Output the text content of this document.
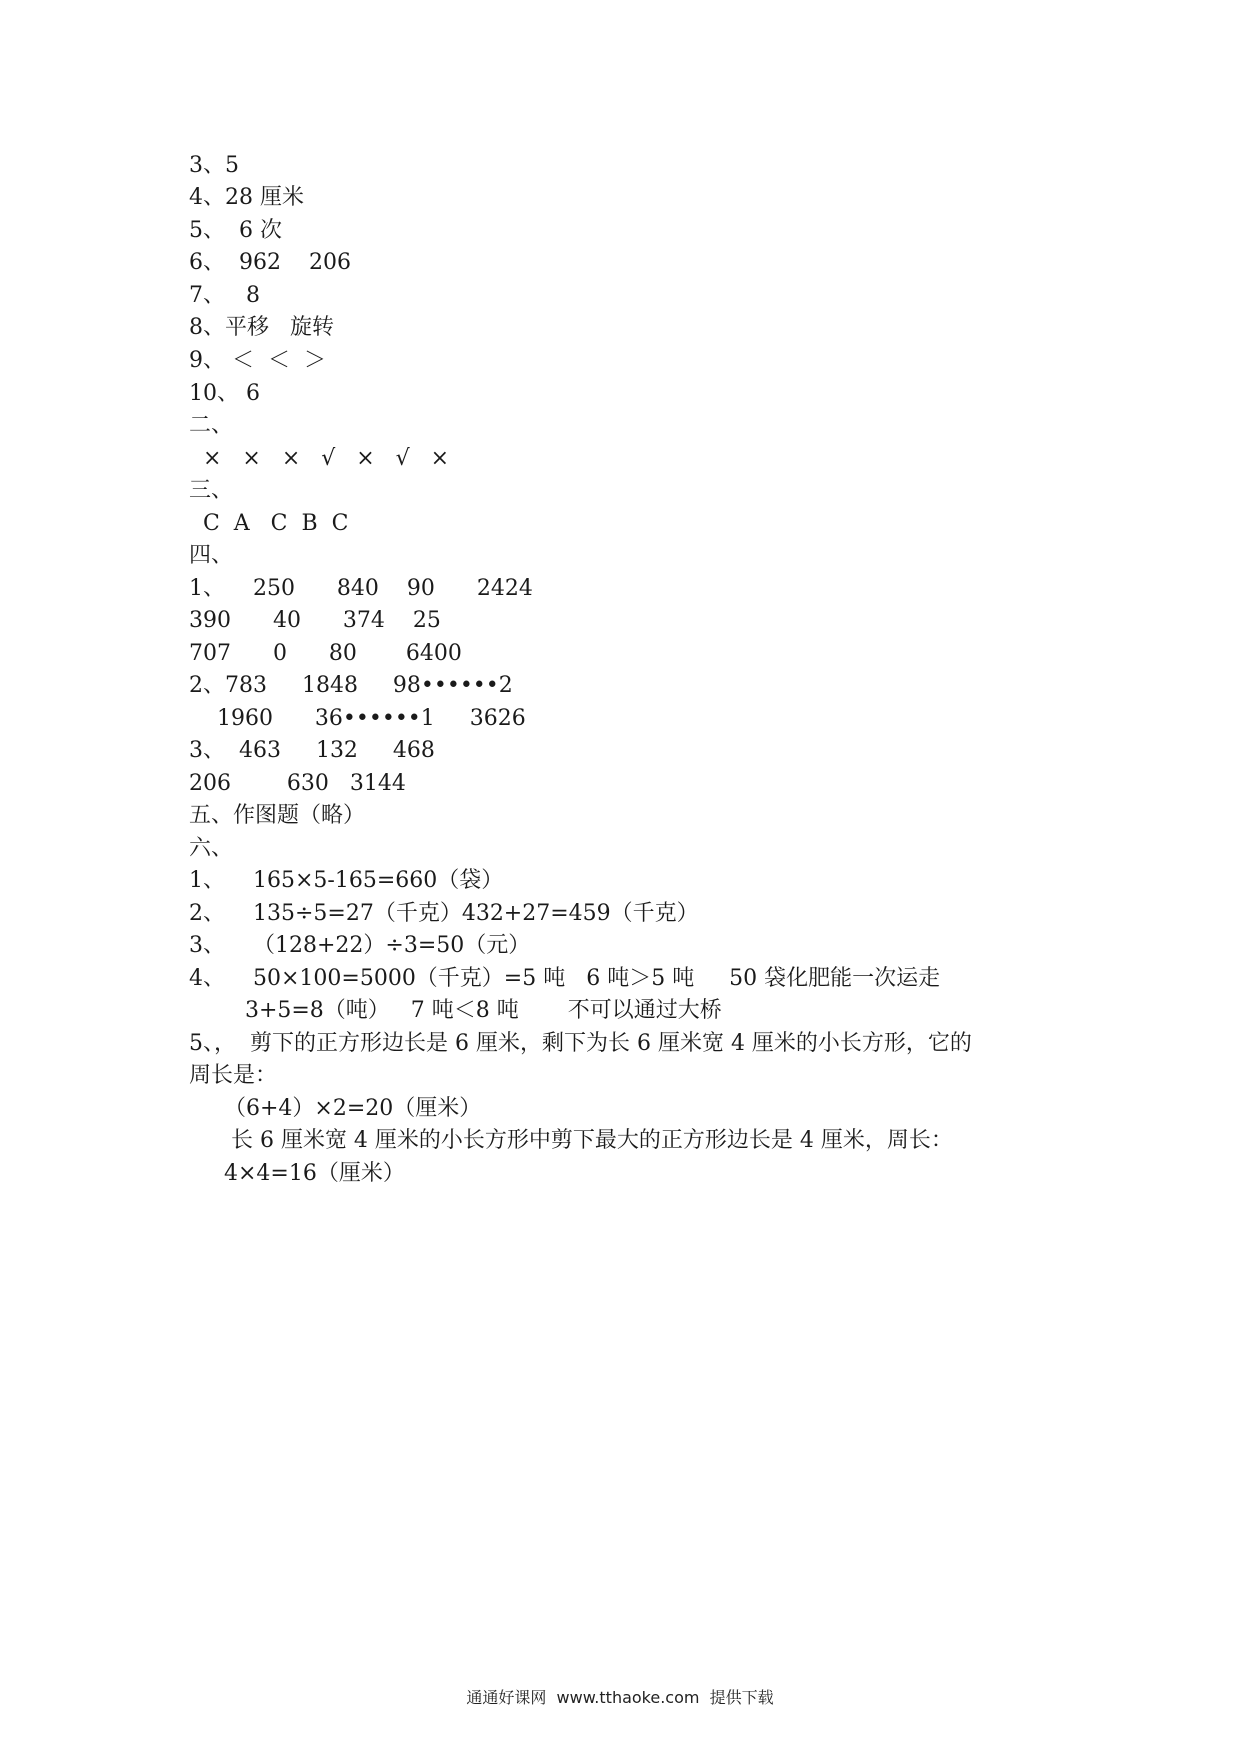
3、5
4、28 厘米
5、  6 次
6、  962    206
7、   8
8、平移   旋转
9、 ＜  ＜  ＞
10、 6
二、
×   ×   ×   √   ×   √   ×
三、
C  A   C  B  C
四、
1、    250      840    90      2424
390      40      374    25
707      0      80       6400
2、783     1848     98••••••2
1960      36••••••1     3626
3、  463     132     468
206        630   3144
五、作图题（略）
六、
1、    165×5-165=660（袋）
2、    135÷5=27（千克）432+27=459（千克）
3、    （128+22）÷3=50（元）
4、    50×100=5000（千克）=5 吨   6 吨＞5 吨     50 袋化肥能一次运走
3+5=8（吨）   7 吨＜8 吨       不可以通过大桥
5、，  剪下的正方形边长是 6 厘米，剩下为长 6 厘米宽 4 厘米的小长方形，它的
周长是：
（6+4）×2=20（厘米）
长 6 厘米宽 4 厘米的小长方形中剪下最大的正方形边长是 4 厘米，周长：
4×4=16（厘米）
通通好课网  www.tthaoke.com  提供下载
